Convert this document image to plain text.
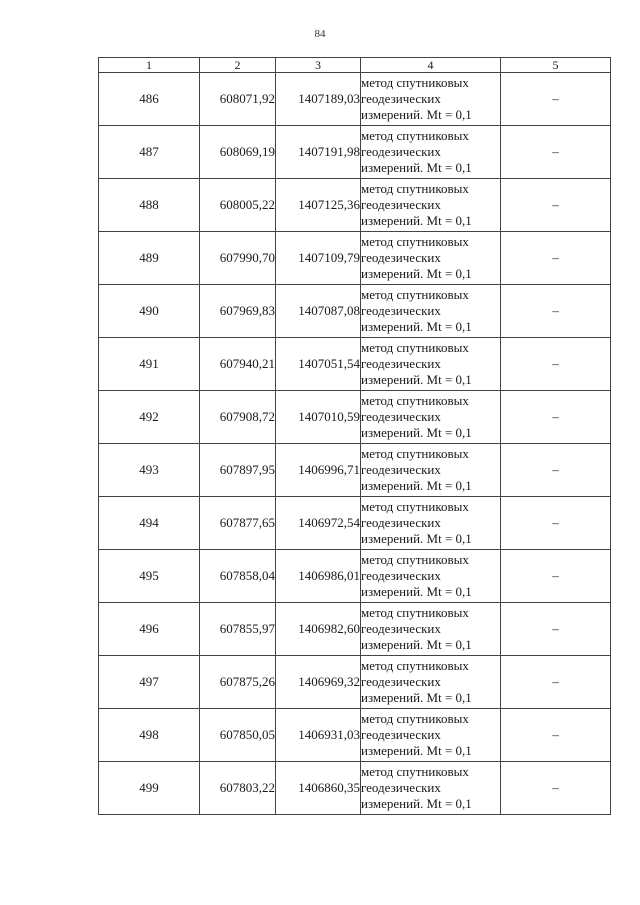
84
1	2	3	4	5
486	608071,92	1407189,03	метод спутниковых
геодезических
измерений. Mt = 0,1	–
487	608069,19	1407191,98	метод спутниковых
геодезических
измерений. Mt = 0,1	–
488	608005,22	1407125,36	метод спутниковых
геодезических
измерений. Mt = 0,1	–
489	607990,70	1407109,79	метод спутниковых
геодезических
измерений. Mt = 0,1	–
490	607969,83	1407087,08	метод спутниковых
геодезических
измерений. Mt = 0,1	–
491	607940,21	1407051,54	метод спутниковых
геодезических
измерений. Mt = 0,1	–
492	607908,72	1407010,59	метод спутниковых
геодезических
измерений. Mt = 0,1	–
493	607897,95	1406996,71	метод спутниковых
геодезических
измерений. Mt = 0,1	–
494	607877,65	1406972,54	метод спутниковых
геодезических
измерений. Mt = 0,1	–
495	607858,04	1406986,01	метод спутниковых
геодезических
измерений. Mt = 0,1	–
496	607855,97	1406982,60	метод спутниковых
геодезических
измерений. Mt = 0,1	–
497	607875,26	1406969,32	метод спутниковых
геодезических
измерений. Mt = 0,1	–
498	607850,05	1406931,03	метод спутниковых
геодезических
измерений. Mt = 0,1	–
499	607803,22	1406860,35	метод спутниковых
геодезических
измерений. Mt = 0,1	–
